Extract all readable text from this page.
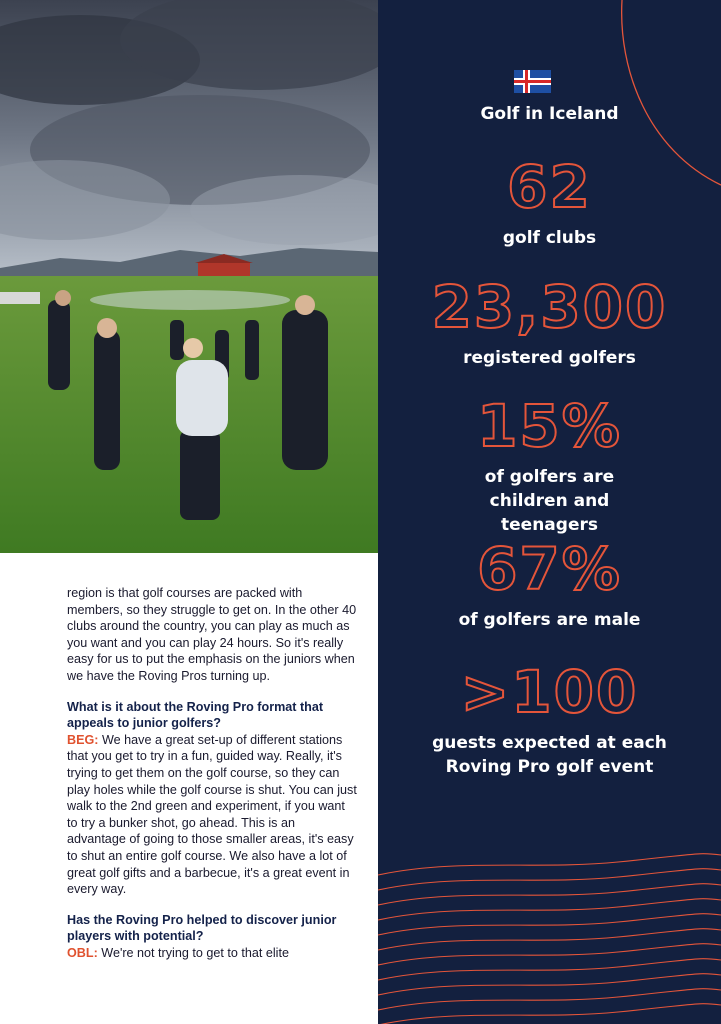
region is that golf courses are packed with members, so they struggle to get on. In the other 40 clubs around the country, you can play as much as you want and you can play 24 hours. So it's really easy for us to put the emphasis on the juniors when we have the Roving Pros turning up.

What is it about the Roving Pro format that appeals to junior golfers?
BEG: We have a great set-up of different stations that you get to try in a fun, guided way. Really, it's trying to get them on the golf course, so they can play holes while the golf course is shut. You can just walk to the 2nd green and experiment, if you want to try a bunker shot, go ahead. This is an advantage of going to those smaller areas, it's easy to shut an entire golf course. We also have a lot of great golf gifts and a barbecue, it's a great event in every way.

Has the Roving Pro helped to discover junior players with potential?
OBL: We're not trying to get to that elite

Golf in Iceland
62
golf clubs
23,300
registered golfers
15%
of golfers are children and teenagers
67%
of golfers are male
>100
guests expected at each Roving Pro golf event
